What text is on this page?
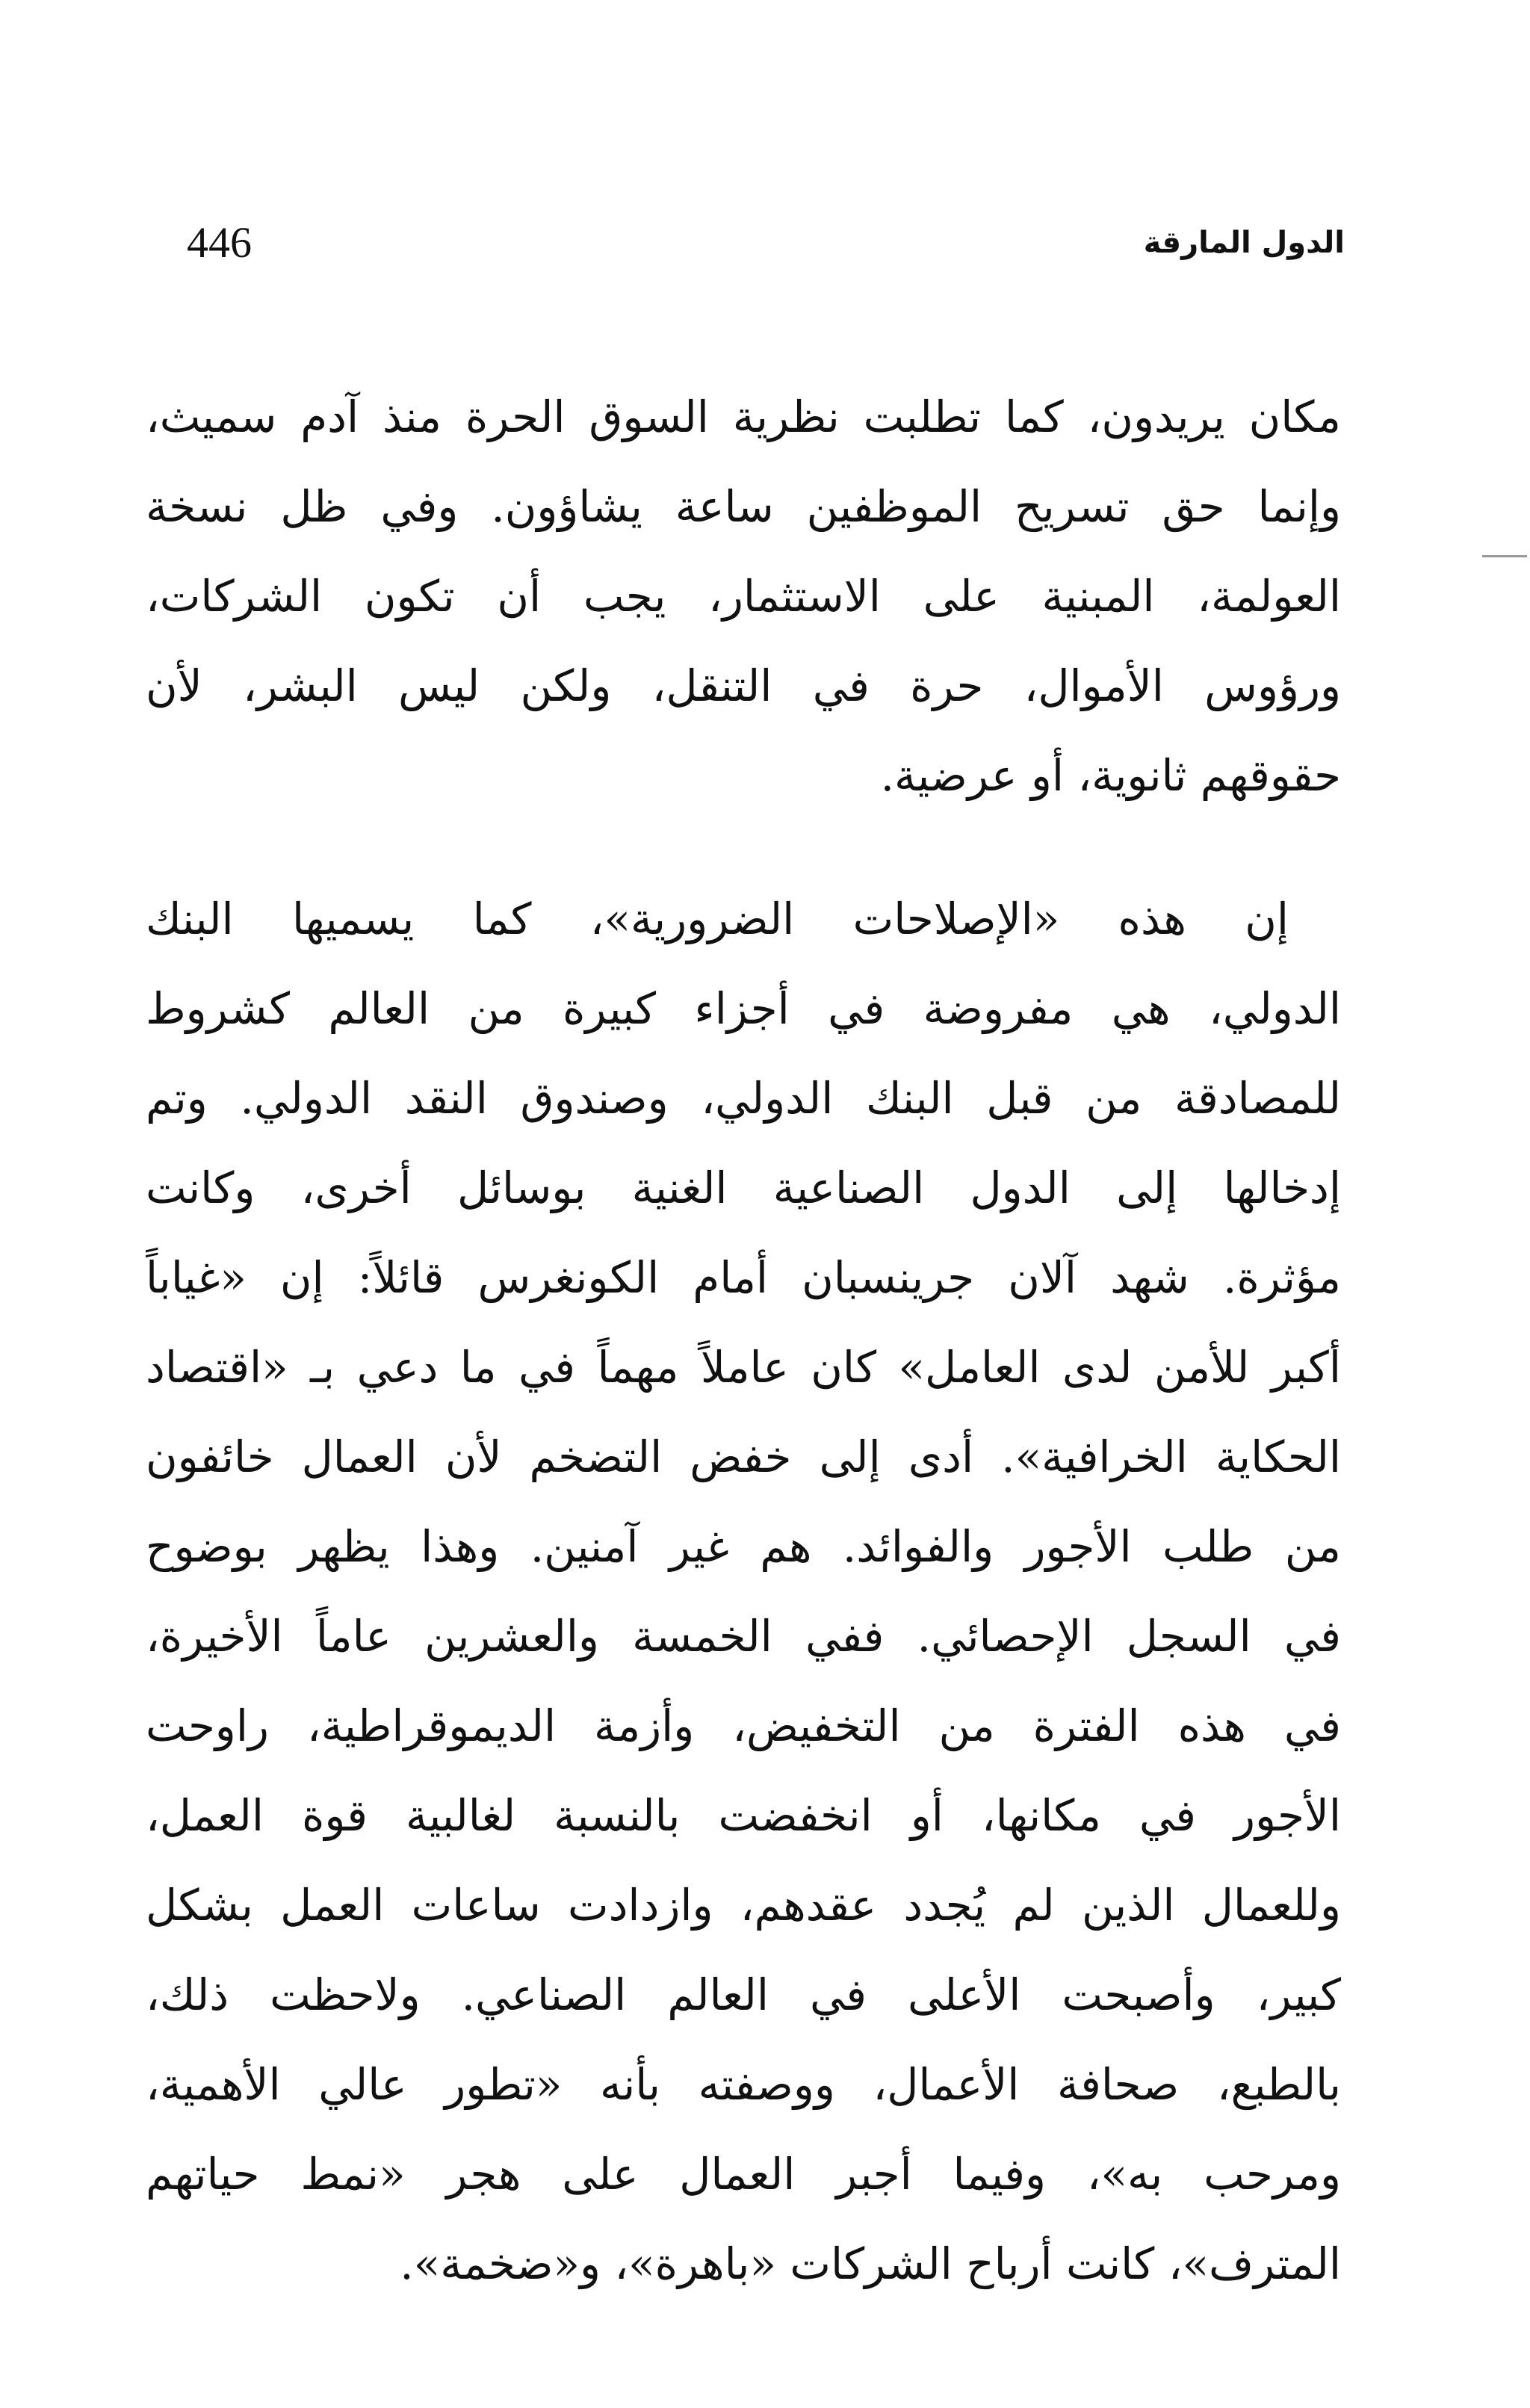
446	الدول المارقة
مكان يريدون، كما تطلبت نظرية السوق الحرة منذ آدم سميث،
وإنما حق تسريح الموظفين ساعة يشاؤون. وفي ظل نسخة
العولمة، المبنية على الاستثمار، يجب أن تكون الشركات،
ورؤوس الأموال، حرة في التنقل، ولكن ليس البشر، لأن
حقوقهم ثانوية، أو عرضية.
إن هذه «الإصلاحات الضرورية»، كما يسميها البنك
الدولي، هي مفروضة في أجزاء كبيرة من العالم كشروط
للمصادقة من قبل البنك الدولي، وصندوق النقد الدولي. وتم
إدخالها إلى الدول الصناعية الغنية بوسائل أخرى، وكانت
مؤثرة. شهد آلان جرينسبان أمام الكونغرس قائلاً: إن «غياباً
أكبر للأمن لدى العامل» كان عاملاً مهماً في ما دعي بـ «اقتصاد
الحكاية الخرافية». أدى إلى خفض التضخم لأن العمال خائفون
من طلب الأجور والفوائد. هم غير آمنين. وهذا يظهر بوضوح
في السجل الإحصائي. ففي الخمسة والعشرين عاماً الأخيرة،
في هذه الفترة من التخفيض، وأزمة الديموقراطية، راوحت
الأجور في مكانها، أو انخفضت بالنسبة لغالبية قوة العمل،
وللعمال الذين لم يُجدد عقدهم، وازدادت ساعات العمل بشكل
كبير، وأصبحت الأعلى في العالم الصناعي. ولاحظت ذلك،
بالطبع، صحافة الأعمال، ووصفته بأنه «تطور عالي الأهمية،
ومرحب به»، وفيما أجبر العمال على هجر «نمط حياتهم
المترف»، كانت أرباح الشركات «باهرة»، و«ضخمة».
